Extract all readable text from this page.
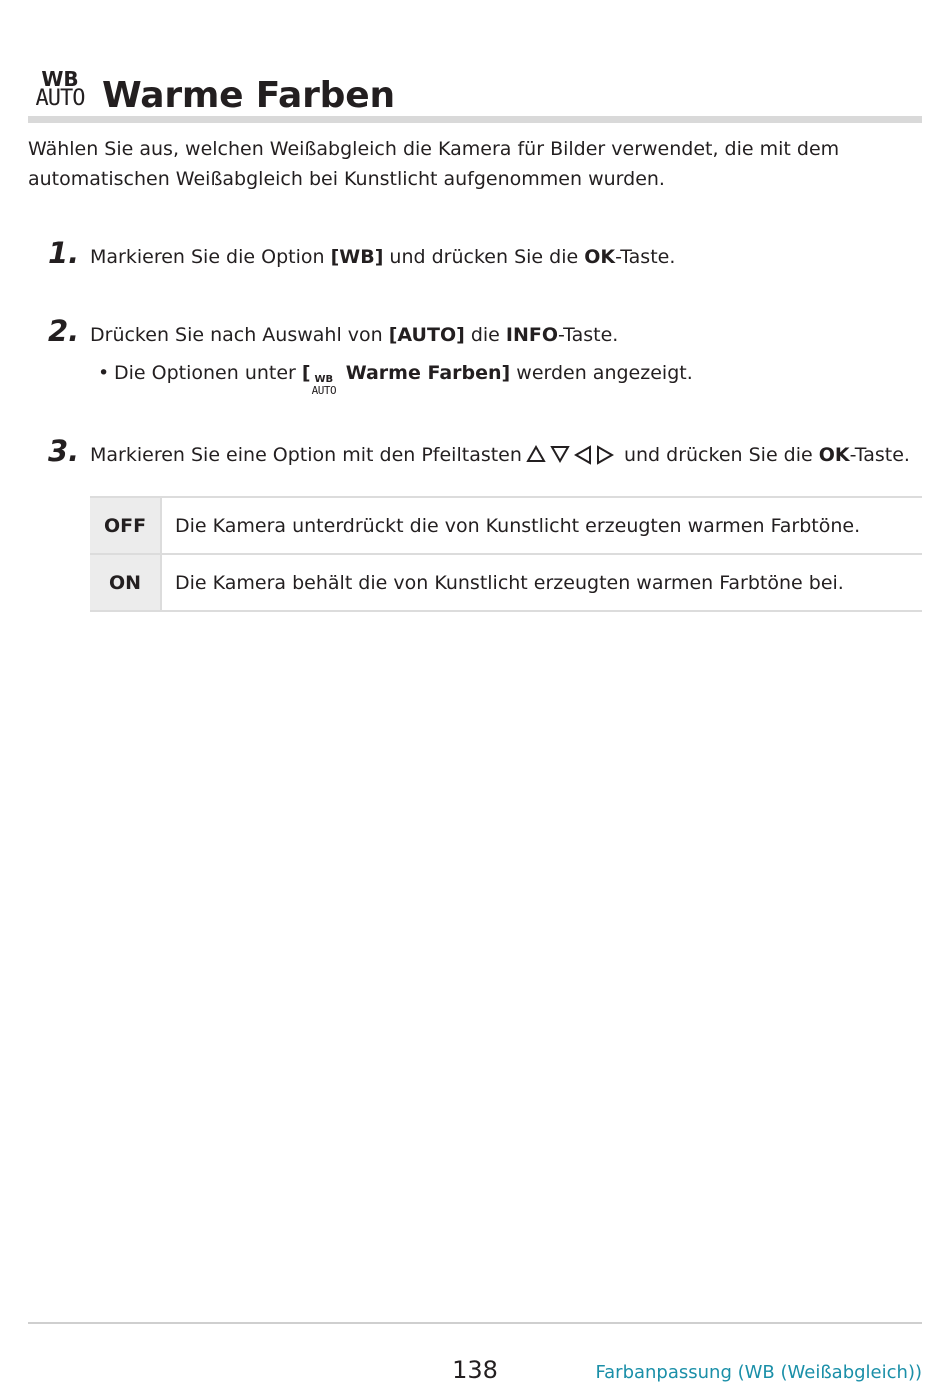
WB
AUTO Warme Farben

Wählen Sie aus, welchen Weißabgleich die Kamera für Bilder verwendet, die mit dem automatischen Weißabgleich bei Kunstlicht aufgenommen wurden.

1. Markieren Sie die Option [WB] und drücken Sie die OK-Taste.
2. Drücken Sie nach Auswahl von [AUTO] die INFO-Taste.
• Die Optionen unter [ WB
AUTO
Warme Farben] werden angezeigt.
3. Markieren Sie eine Option mit den Pfeiltasten	und drücken Sie die OK-Taste.
OFF	Die Kamera unterdrückt die von Kunstlicht erzeugten warmen Farbtöne.
ON	Die Kamera behält die von Kunstlicht erzeugten warmen Farbtöne bei.
138	Farbanpassung (WB (Weißabgleich))
